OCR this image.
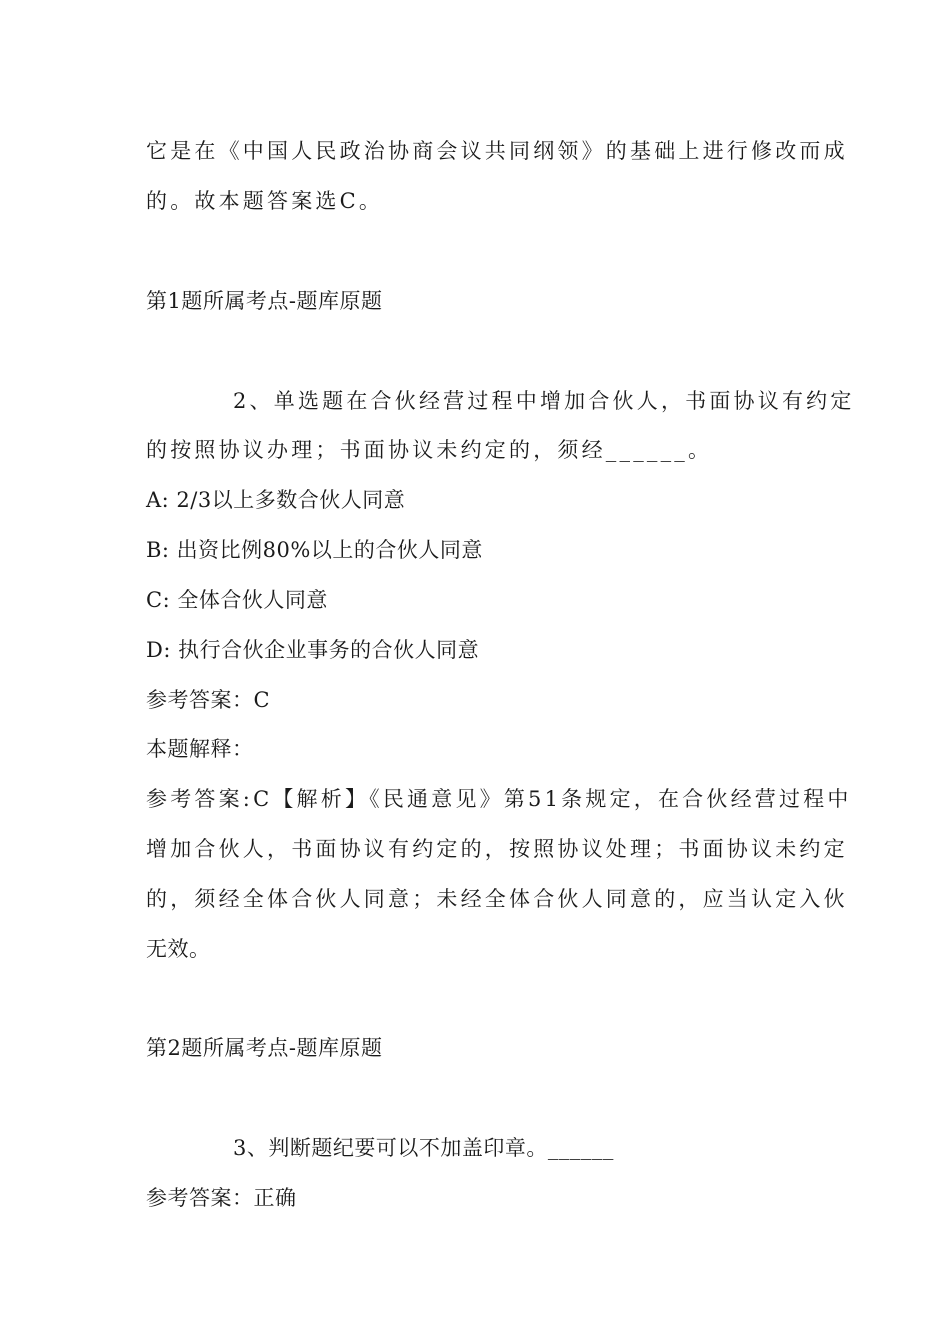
它是在《中国人民政治协商会议共同纲领》的基础上进行修改而成
的。故本题答案选C。
第1题所属考点-题库原题
2、单选题在合伙经营过程中增加合伙人，书面协议有约定
的按照协议办理；书面协议未约定的，须经______。
A: 2/3以上多数合伙人同意
B: 出资比例80%以上的合伙人同意
C: 全体合伙人同意
D: 执行合伙企业事务的合伙人同意
参考答案：C
本题解释：
参考答案:C【解析】《民通意见》第51条规定，在合伙经营过程中
增加合伙人，书面协议有约定的，按照协议处理；书面协议未约定
的，须经全体合伙人同意；未经全体合伙人同意的，应当认定入伙
无效。
第2题所属考点-题库原题
3、判断题纪要可以不加盖印章。______
参考答案：正确
